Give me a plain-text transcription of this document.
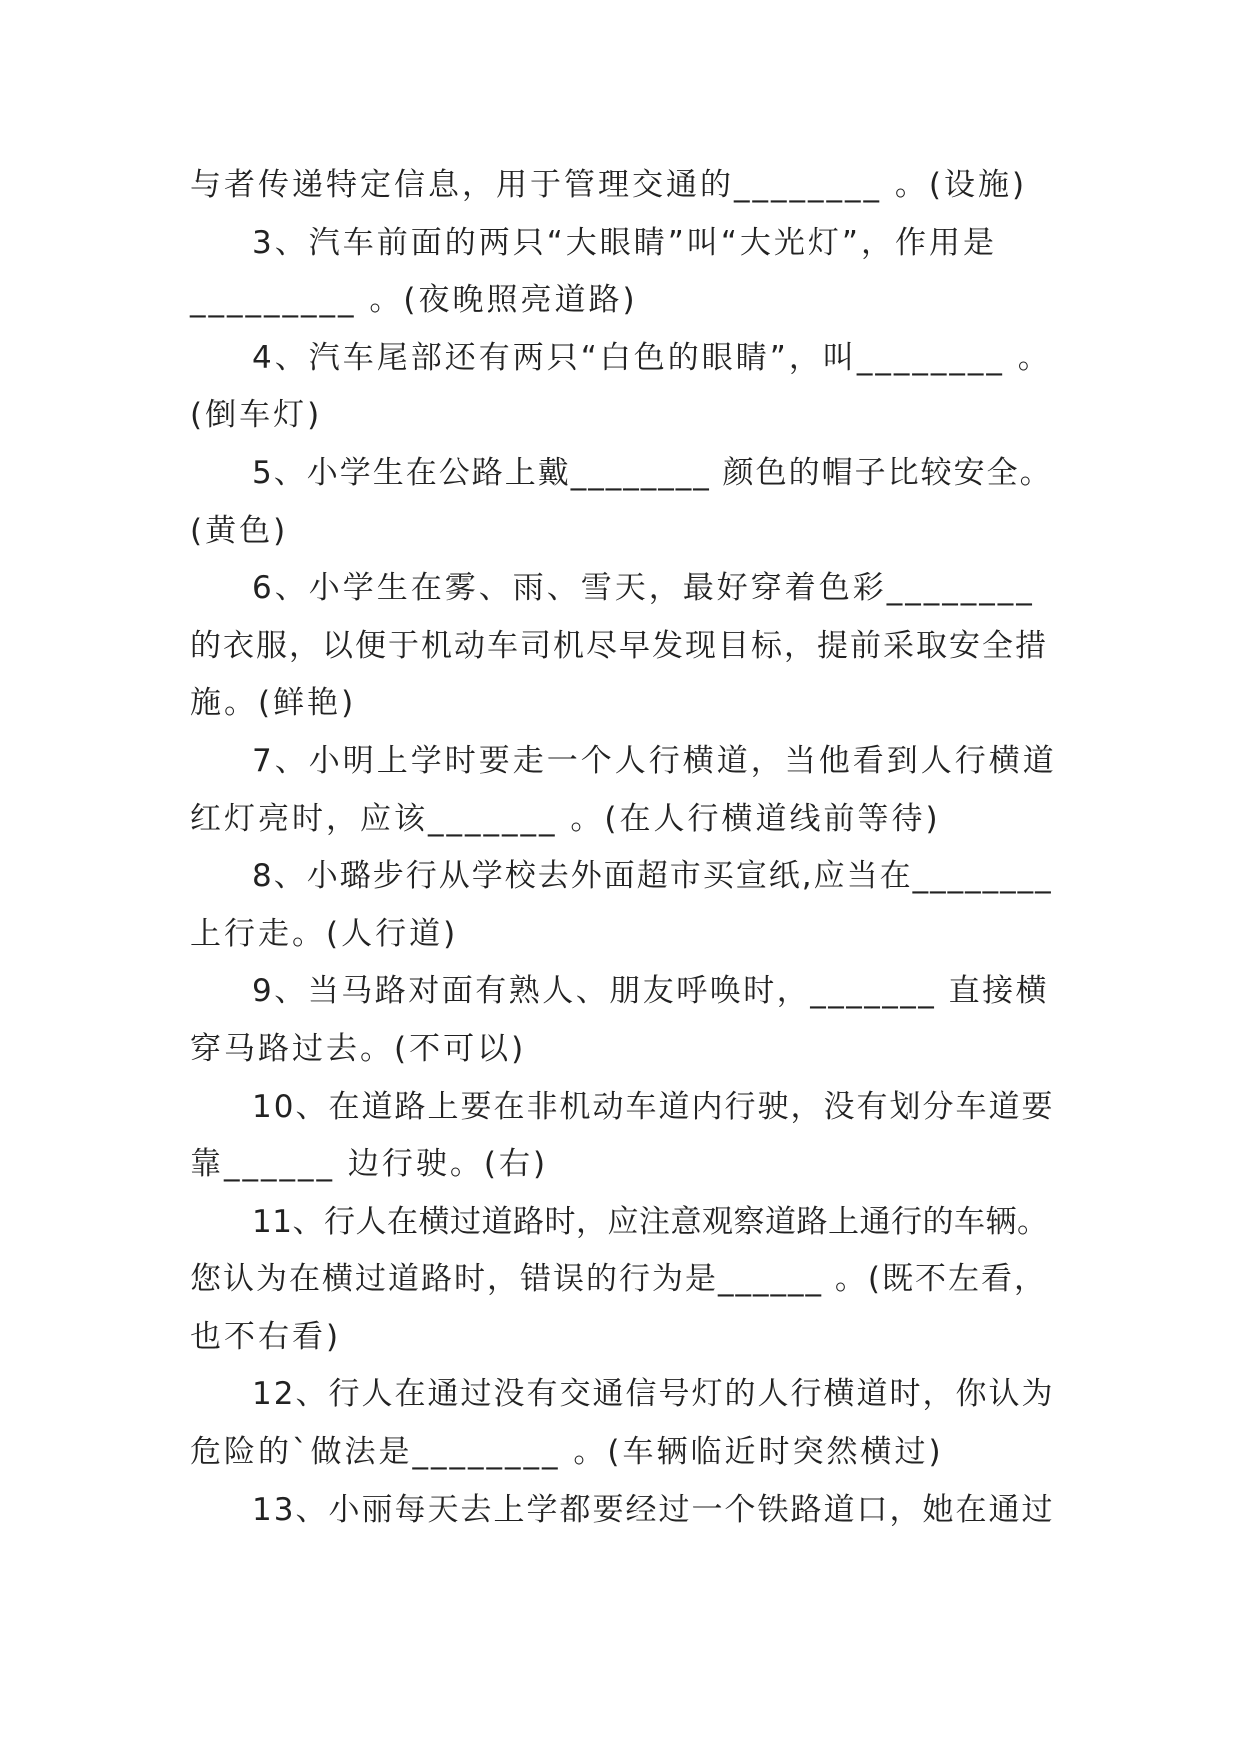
与者传递特定信息，用于管理交通的________ 。(设施)
3、汽车前面的两只“大眼睛”叫“大光灯”，作用是
_________ 。(夜晚照亮道路)
4、汽车尾部还有两只“白色的眼睛”，叫________ 。
(倒车灯)
5、小学生在公路上戴________ 颜色的帽子比较安全。
(黄色)
6、小学生在雾、雨、雪天，最好穿着色彩________
的衣服，以便于机动车司机尽早发现目标，提前采取安全措
施。(鲜艳)
7、小明上学时要走一个人行横道，当他看到人行横道
红灯亮时，应该_______ 。(在人行横道线前等待)
8、小璐步行从学校去外面超市买宣纸,应当在________
上行走。(人行道)
9、当马路对面有熟人、朋友呼唤时，_______ 直接横
穿马路过去。(不可以)
10、在道路上要在非机动车道内行驶，没有划分车道要
靠______ 边行驶。(右)
11、行人在横过道路时，应注意观察道路上通行的车辆。
您认为在横过道路时，错误的行为是______ 。(既不左看，
也不右看)
12、行人在通过没有交通信号灯的人行横道时，你认为
危险的`做法是________ 。(车辆临近时突然横过)
13、小丽每天去上学都要经过一个铁路道口，她在通过
